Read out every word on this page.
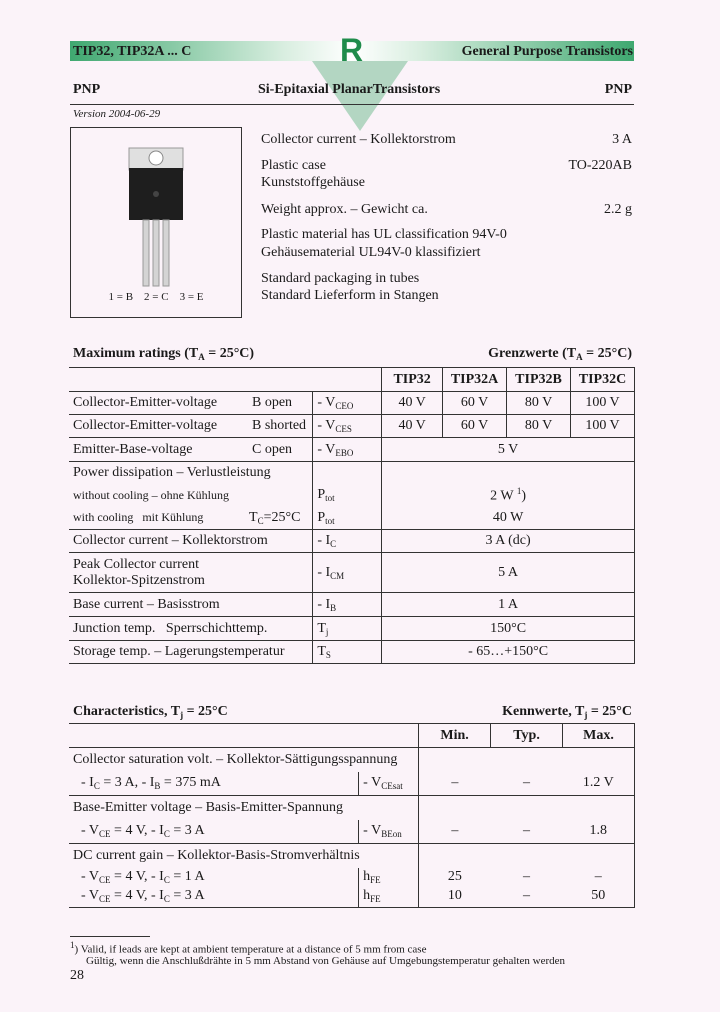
R
TIP32, TIP32A ... C	General Purpose Transistors
PNP	Si-Epitaxial PlanarTransistors	PNP
Version 2004-06-29
1 = B    2 = C    3 = E
Collector current – Kollektorstrom	3 A
Plastic case
Kunststoffgehäuse
TO-220AB
Weight approx. – Gewicht ca.	2.2 g
Plastic material has UL classification 94V-0
Gehäusematerial UL94V-0 klassifiziert
Standard packaging in tubes
Standard Lieferform in Stangen
Maximum ratings $(T_A = 25^\circ C)$	Grenzwerte $(T_A = 25^\circ C)$
		TIP32	TIP32A	TIP32B	TIP32C
Collector-Emitter-voltage B open	- $V_{CEO}$	40 V	60 V	80 V	100 V
Collector-Emitter-voltage B shorted	- $V_{CES}$	40 V	60 V	80 V	100 V
Emitter-Base-voltage C open	- $V_{EBO}$	5 V			
Power dissipation – Verlustleistung					
without cooling – ohne Kühlung	$P_{tot}$	2 W $^1$)			
with cooling   mit Kühlung $T_C=25^\circ C$	$P_{tot}$	40 W			
Collector current – Kollektorstrom	- $I_C$	3 A (dc)			

Peak Collector current
Kollektor-Spitzenstrom	- $I_{CM}$	5 A			
Base current – Basisstrom	- $I_B$	1 A			
Junction temp.   Sperrschichttemp.	$T_j$	150°C			
Storage temp. – Lagerungstemperatur	$T_S$	- 65…+150°C			
Characteristics, $T_j = 25^\circ C$	Kennwerte, $T_j = 25^\circ C$
		Min.	Typ.	Max.
Collector saturation volt. – Kollektor-Sättigungsspannung				
- $I_C = 3$ A, - $I_B = 375$ mA	- $V_{CEsat}$	–	–	1.2 V
Base-Emitter voltage – Basis-Emitter-Spannung				
- $V_{CE} = 4$ V, - $I_C = 3$ A	- $V_{BEon}$	–	–	1.8
DC current gain – Kollektor-Basis-Stromverhältnis				
- $V_{CE} = 4$ V, - $I_C = 1$ A	$h_{FE}$	25	–	–
- $V_{CE} = 4$ V, - $I_C = 3$ A	$h_{FE}$	10	–	50
$^1$) Valid, if leads are kept at ambient temperature at a distance of 5 mm from case
Gültig, wenn die Anschlußdrähte in 5 mm Abstand von Gehäuse auf Umgebungstemperatur gehalten werden
28
